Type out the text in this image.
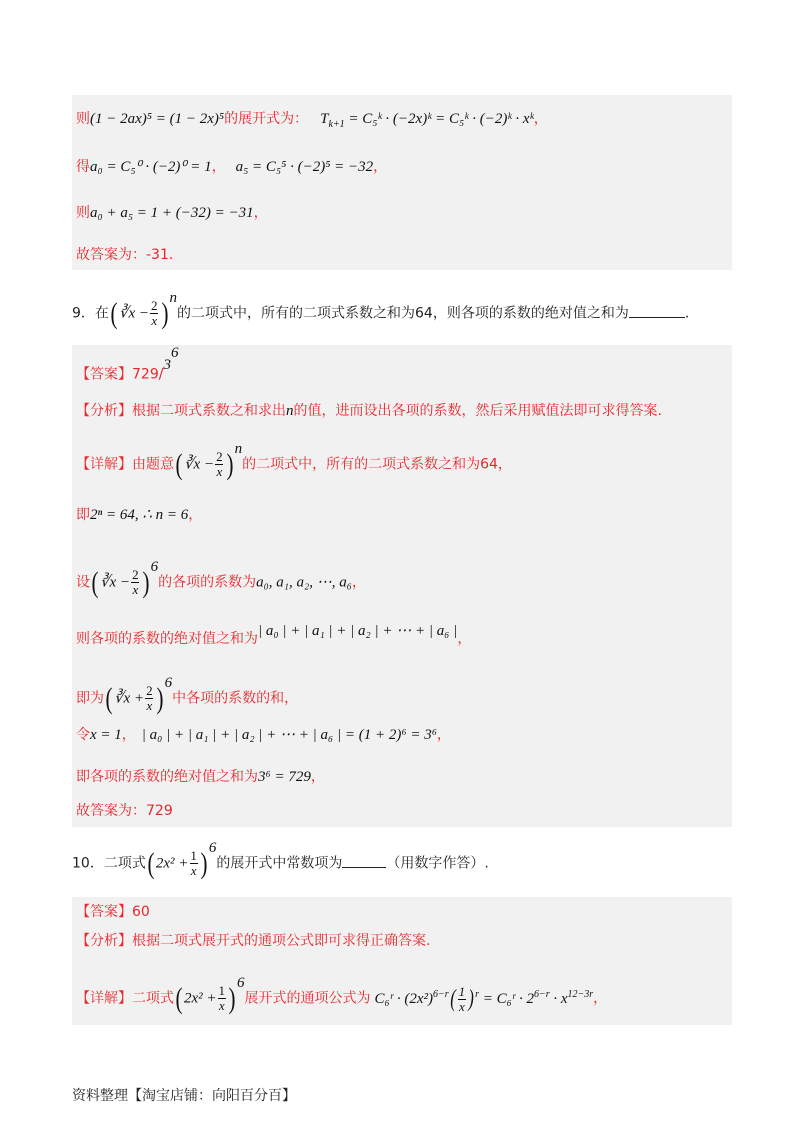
则(1 − 2ax)⁵ = (1 − 2x)⁵的展开式为： $T_{k+1}$ = C₅ᵏ · (−2x)ᵏ = C₅ᵏ · (−2)ᵏ · xᵏ，
得a₀ = C₅⁰ · (−2)⁰ = 1， a₅ = C₅⁵ · (−2)⁵ = −32，
则a₀ + a₅ = 1 + (−32) = −31，
故答案为：-31.
9．在( ∛x − $\frac{2}{x}$ ) $^n$的二项式中，所有的二项式系数之和为64，则各项的系数的绝对值之和为	.
【答案】$729/3^6$
【分析】根据二项式系数之和求出n的值，进而设出各项的系数，然后采用赋值法即可求得答案.
【详解】由题意( ∛x − $\frac{2}{x}$ ) $^n$的二项式中，所有的二项式系数之和为64，
即2ⁿ = 64, ∴ n = 6，
设( ∛x − $\frac{2}{x}$ ) $^6$的各项的系数为a₀, a₁, a₂, ⋯, a₆，
则各项的系数的绝对值之和为| a₀ | + | a₁ | + | a₂ | + ⋯ + | a₆ |，
即为( ∛x + $\frac{2}{x}$ ) $^6$中各项的系数的和，
令x = 1， | a₀ | + | a₁ | + | a₂ | + ⋯ + | a₆ | = (1 + 2)⁶ = 3⁶，
即各项的系数的绝对值之和为3⁶ = 729，
故答案为：729
10．二项式( $2x^2 + \frac{1}{x}$ ) $^6$的展开式中常数项为	（用数字作答）.
【答案】60
【分析】根据二项式展开式的通项公式即可求得正确答案.
【详解】二项式( $2x^2 + \frac{1}{x}$ ) $^6$展开式的通项公式为 C₆ʳ · $(2x^2)^{6-r}( \frac{1}{x} )^r$ = C₆ʳ · $2^{6-r} \cdot x^{12-3r}$，
资料整理【淘宝店铺：向阳百分百】
